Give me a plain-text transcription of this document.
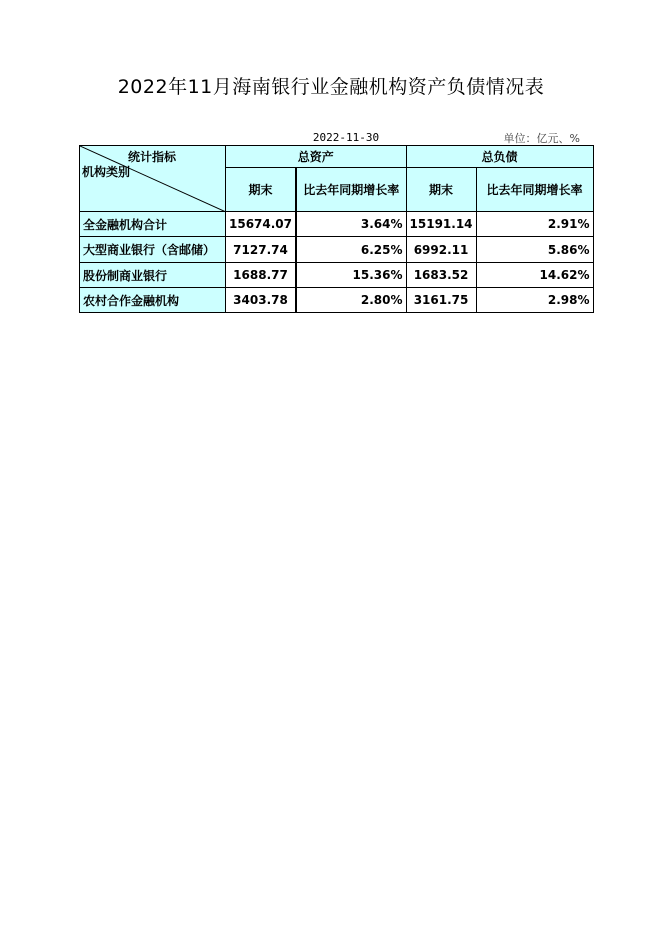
2022年11月海南银行业金融机构资产负债情况表
2022-11-30	单位：亿元、%
统计指标
机构类别	总资产		总负债	
	期末	比去年同期增长率	期末	比去年同期增长率
全金融机构合计	15674.07	3.64%	15191.14	2.91%
大型商业银行（含邮储）	7127.74	6.25%	6992.11	5.86%
股份制商业银行	1688.77	15.36%	1683.52	14.62%
农村合作金融机构	3403.78	2.80%	3161.75	2.98%
